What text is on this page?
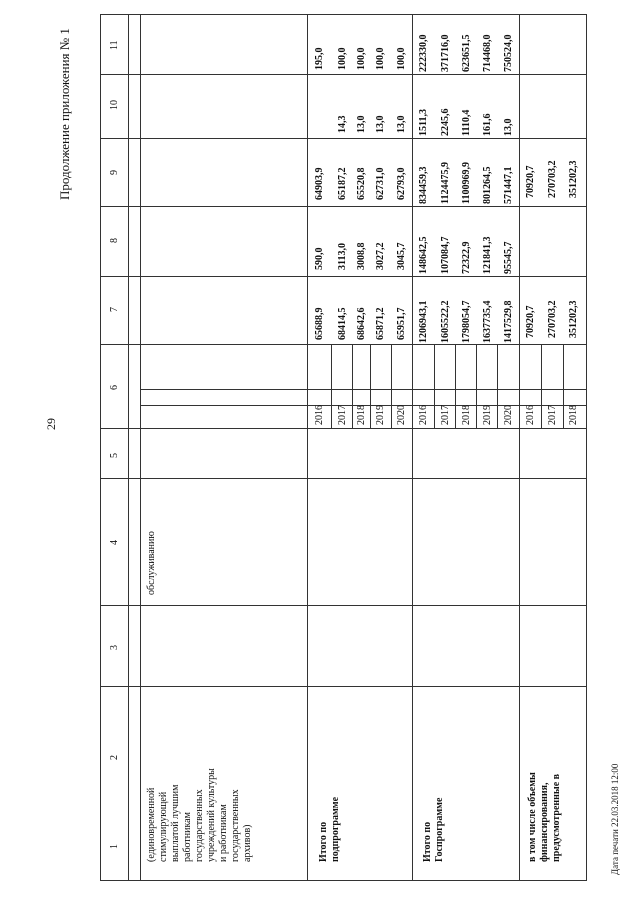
29
Продолжение приложения № 1
Дата печати 22.03.2018 12:00
1
2
3
4
5
6
7
8
9
10
11
(единовременной стимулирующей выплатой лучшим работникам государственных учреждений культуры и работникам государственных архивов)
обслуживанию
Итого по подпрограмме
2016
65688,9
590,0
64903,9
195,0
2017
68414,5
3113,0
65187,2
14,3
100,0
2018
68642,6
3008,8
65520,8
13,0
100,0
2019
65871,2
3027,2
62731,0
13,0
100,0
2020
65951,7
3045,7
62793,0
13,0
100,0
Итого по Госпрограмме
2016
1206943,1
148642,5
834459,3
1511,3
222330,0
2017
1605522,2
107084,7
1124475,9
2245,6
371716,0
2018
1798054,7
72322,9
1100969,9
1110,4
623651,5
2019
1637735,4
121841,3
801264,5
161,6
714468,0
2020
1417529,8
95545,7
571447,1
13,0
750524,0
в том числе объемы финансирования, предусмотренные в
2016
70920,7
70920,7
2017
270703,2
270703,2
2018
351202,3
351202,3
